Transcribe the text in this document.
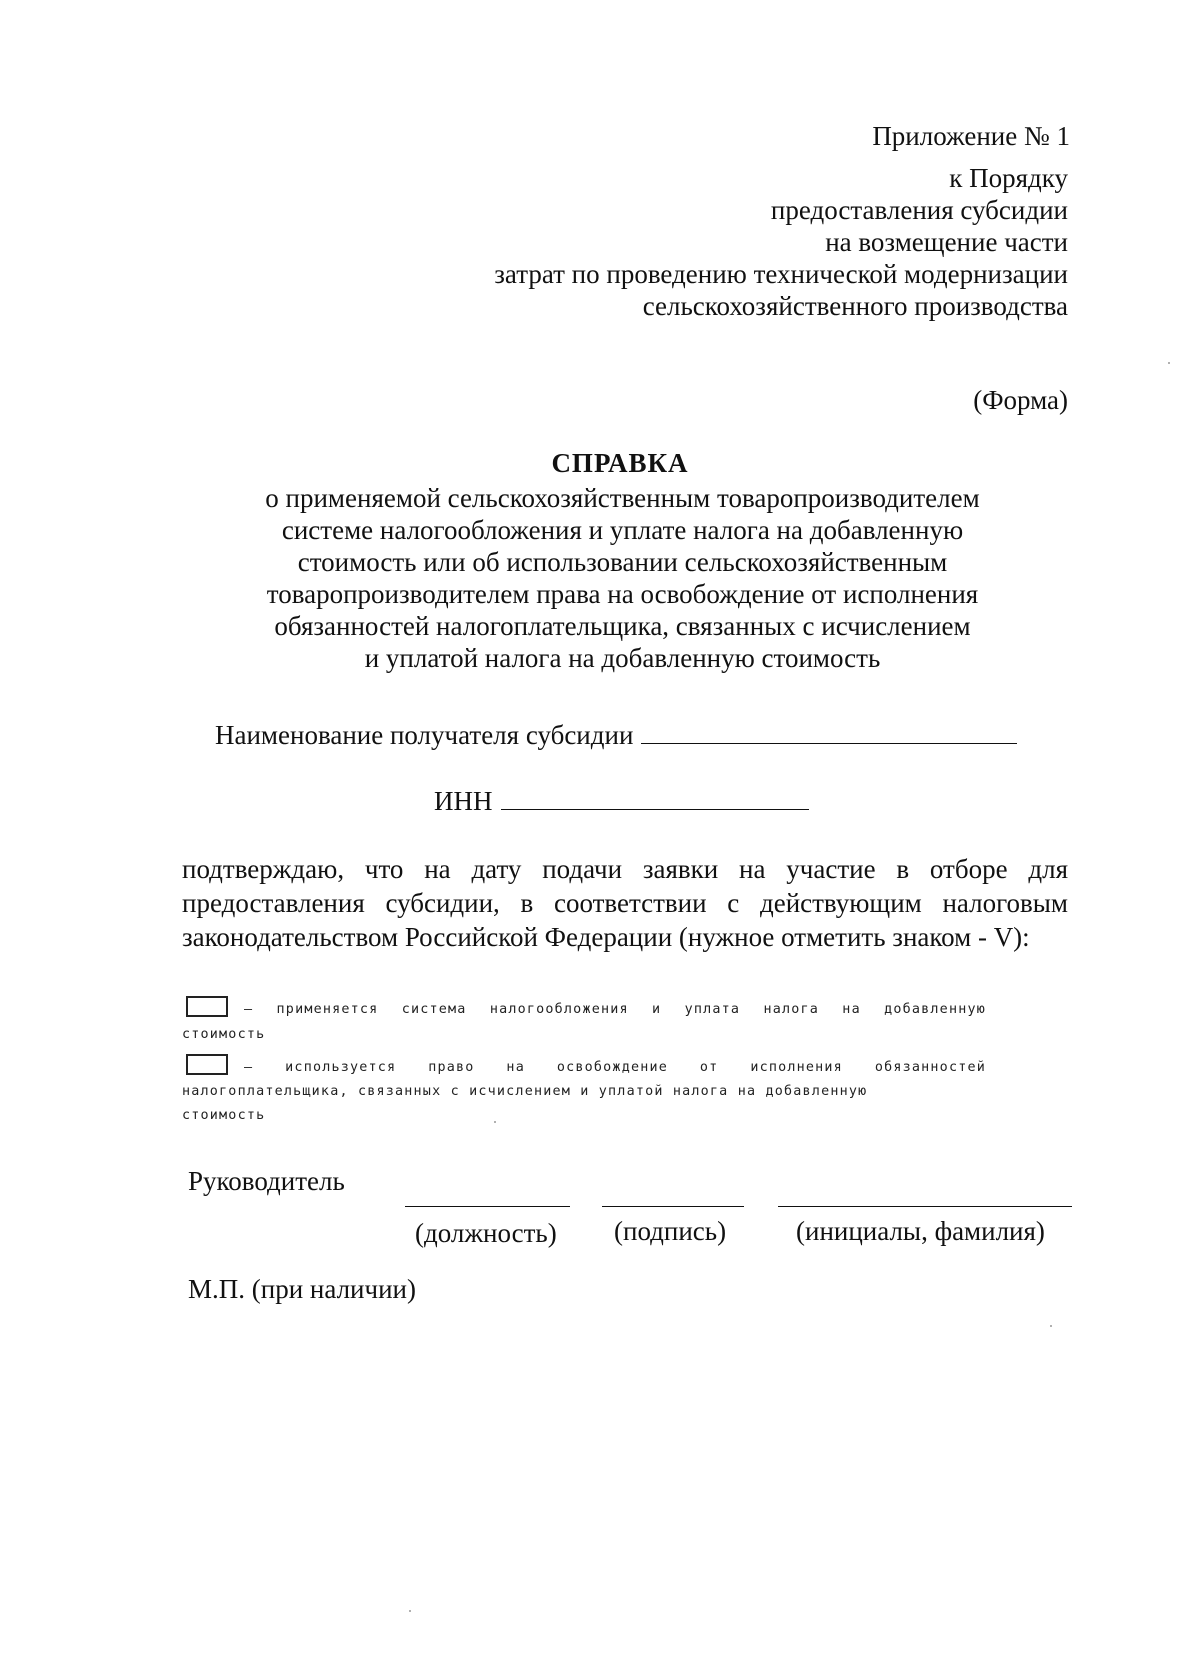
Приложение № 1
к Порядку
предоставления субсидии
на возмещение части
затрат по проведению технической модернизации
сельскохозяйственного производства
(Форма)
СПРАВКА
о применяемой сельскохозяйственным товаропроизводителем
системе налогообложения и уплате налога на добавленную
стоимость или об использовании сельскохозяйственным
товаропроизводителем права на освобождение от исполнения
обязанностей налогоплательщика, связанных с исчислением
и уплатой налога на добавленную стоимость
Наименование получателя субсидии
ИНН
подтверждаю, что на дату подачи заявки на участие в отборе для
предоставления субсидии, в соответствии с действующим налоговым
законодательством Российской Федерации (нужное отметить знаком - V):
– применяется система налогообложения и уплата налога на добавленную
стоимость
– используется право на освобождение от исполнения обязанностей
налогоплательщика, связанных с исчислением и уплатой налога на добавленную
стоимость
Руководитель
(должность) (подпись)	(инициалы, фамилия)
М.П. (при наличии)
